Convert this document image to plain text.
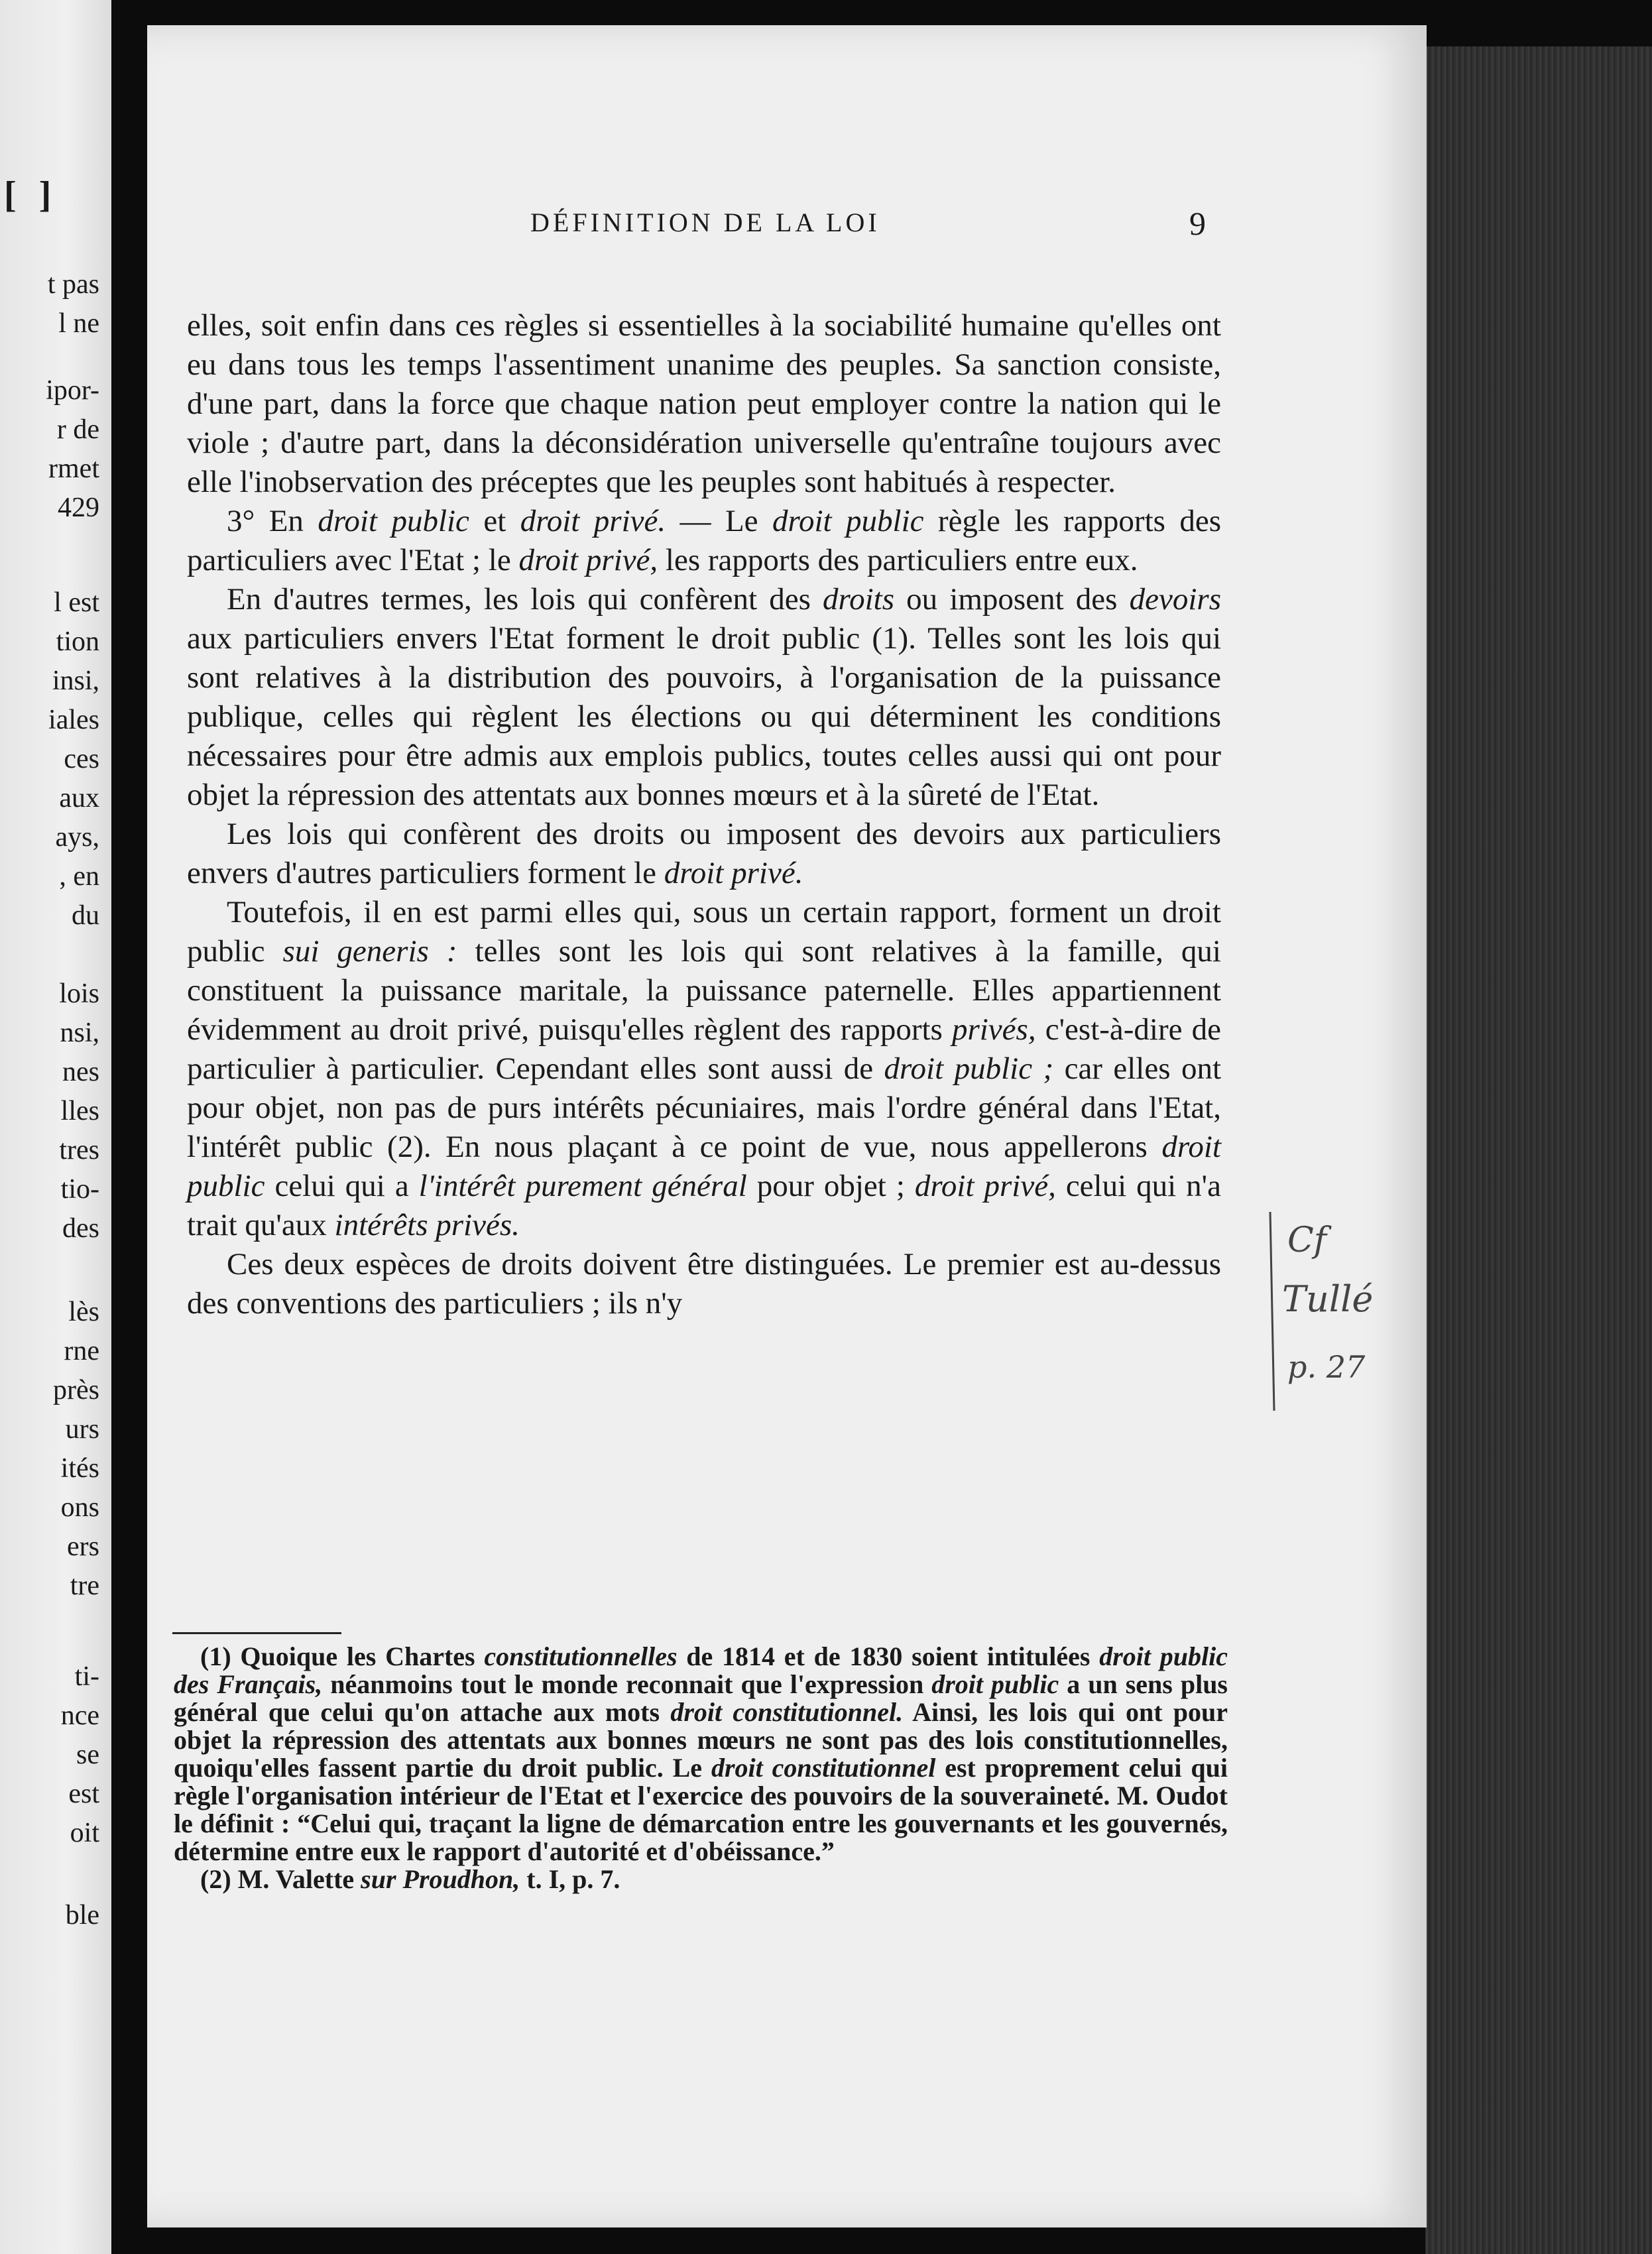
[ ]
t pas
l ne
ipor-
r de
rmet
429
l est
tion
insi,
iales
ces
aux
ays,
, en
du
lois
nsi,
nes
lles
tres
tio-
des
lès
rne
près
urs
ités
ons
ers
tre
ti-
nce
se
est
oit
ble
DÉFINITION DE LA LOI	9

elles, soit enfin dans ces règles si essentielles à la sociabilité humaine qu'elles ont eu dans tous les temps l'assentiment unanime des peuples. Sa sanction consiste, d'une part, dans la force que chaque nation peut employer contre la nation qui le viole ; d'autre part, dans la déconsidération universelle qu'entraîne toujours avec elle l'inobservation des préceptes que les peuples sont habitués à respecter.

3° En droit public et droit privé. — Le droit public règle les rapports des particuliers avec l'Etat ; le droit privé, les rapports des particuliers entre eux.

En d'autres termes, les lois qui confèrent des droits ou imposent des devoirs aux particuliers envers l'Etat forment le droit public (1). Telles sont les lois qui sont relatives à la distribution des pouvoirs, à l'organisation de la puissance publique, celles qui règlent les élections ou qui déterminent les conditions nécessaires pour être admis aux emplois publics, toutes celles aussi qui ont pour objet la répression des attentats aux bonnes mœurs et à la sûreté de l'Etat.

Les lois qui confèrent des droits ou imposent des devoirs aux particuliers envers d'autres particuliers forment le droit privé.

Toutefois, il en est parmi elles qui, sous un certain rapport, forment un droit public sui generis : telles sont les lois qui sont relatives à la famille, qui constituent la puissance maritale, la puissance paternelle. Elles appartiennent évidemment au droit privé, puisqu'elles règlent des rapports privés, c'est-à-dire de particulier à particulier. Cependant elles sont aussi de droit public ; car elles ont pour objet, non pas de purs intérêts pécuniaires, mais l'ordre général dans l'Etat, l'intérêt public (2). En nous plaçant à ce point de vue, nous appellerons droit public celui qui a l'intérêt purement général pour objet ; droit privé, celui qui n'a trait qu'aux intérêts privés.

Ces deux espèces de droits doivent être distinguées. Le premier est au-dessus des conventions des particuliers ; ils n'y

(1) Quoique les Chartes constitutionnelles de 1814 et de 1830 soient intitulées droit public des Français, néanmoins tout le monde reconnait que l'expression droit public a un sens plus général que celui qu'on attache aux mots droit constitutionnel. Ainsi, les lois qui ont pour objet la répression des attentats aux bonnes mœurs ne sont pas des lois constitutionnelles, quoiqu'elles fassent partie du droit public. Le droit constitutionnel est proprement celui qui règle l'organisation intérieur de l'Etat et l'exercice des pouvoirs de la souveraineté. M. Oudot le définit : “Celui qui, traçant la ligne de démarcation entre les gouvernants et les gouvernés, détermine entre eux le rapport d'autorité et d'obéissance.”

(2) M. Valette sur Proudhon, t. I, p. 7.

Cf
Tullé
p. 27
